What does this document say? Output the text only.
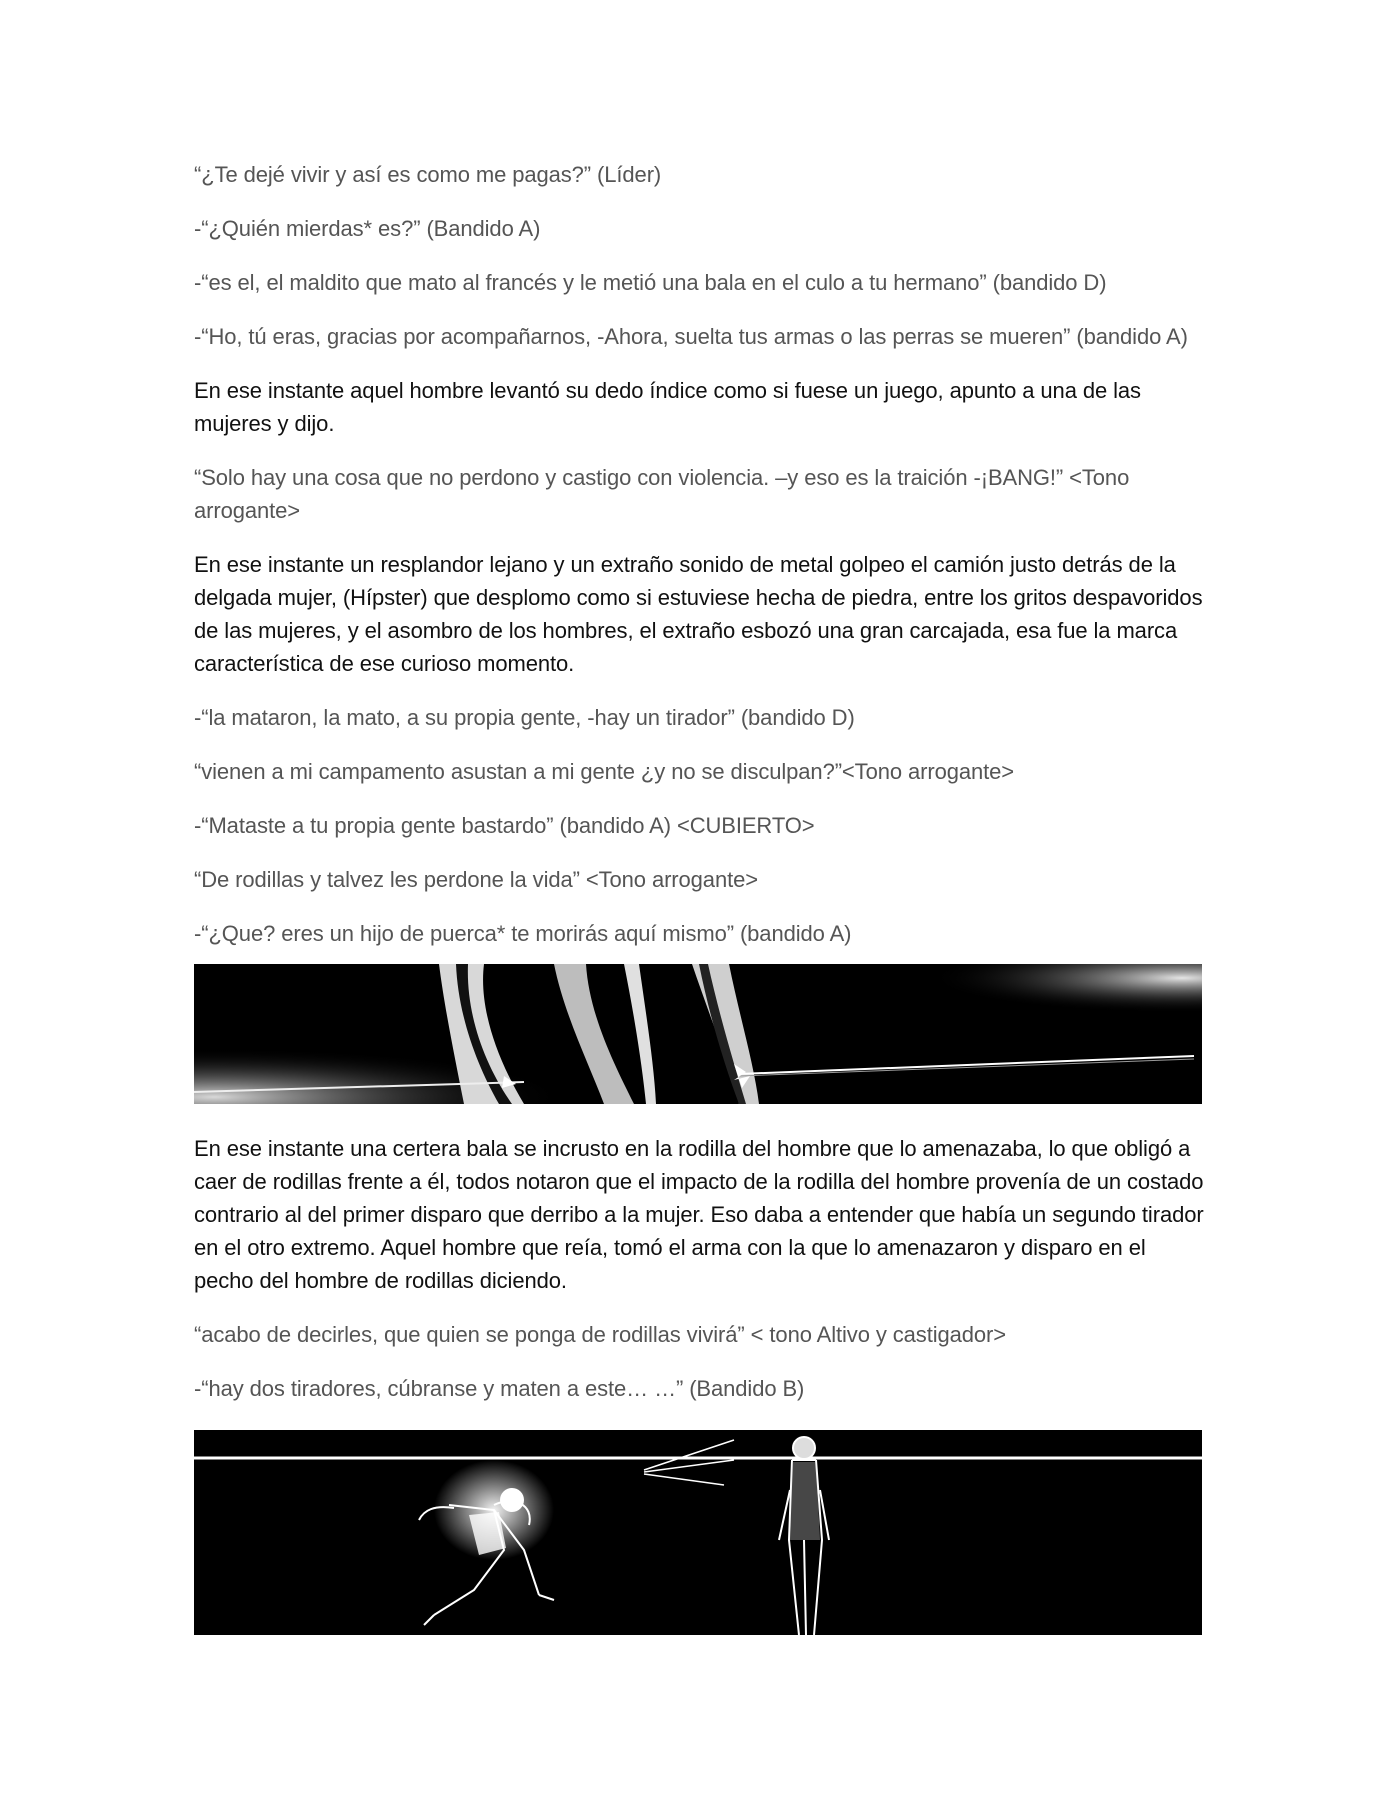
“¿Te dejé vivir y así es como me pagas?” (Líder)

-“¿Quién mierdas* es?” (Bandido A)

-“es el, el maldito que mato al francés y le metió una bala en el culo a tu hermano” (bandido D)

-“Ho, tú eras, gracias por acompañarnos, -Ahora, suelta tus armas o las perras se mueren” (bandido A)

En ese instante aquel hombre levantó su dedo índice como si fuese un juego, apunto a una de las mujeres y dijo.

“Solo hay una cosa que no perdono y castigo con violencia. –y eso es la traición -¡BANG!” <Tono arrogante>

En ese instante un resplandor lejano y un extraño sonido de metal golpeo el camión justo detrás de la delgada mujer, (Hípster) que desplomo como si estuviese hecha de piedra, entre los gritos despavoridos de las mujeres, y el asombro de los hombres, el extraño esbozó una gran carcajada, esa fue la marca característica de ese curioso momento.

-“la mataron, la mato, a su propia gente, -hay un tirador” (bandido D)

“vienen a mi campamento asustan a mi gente ¿y no se disculpan?”<Tono arrogante>

-“Mataste a tu propia gente bastardo” (bandido A) <CUBIERTO>

“De rodillas y talvez les perdone la vida” <Tono arrogante>

-“¿Que? eres un hijo de puerca* te morirás aquí mismo” (bandido A)

En ese instante una certera bala se incrusto en la rodilla del hombre que lo amenazaba, lo que obligó a caer de rodillas frente a él, todos notaron que el impacto de la rodilla del hombre provenía de un costado contrario al del primer disparo que derribo a la mujer. Eso daba a entender que había un segundo tirador en el otro extremo. Aquel hombre que reía, tomó el arma con la que lo amenazaron y disparo en el pecho del hombre de rodillas diciendo.

“acabo de decirles, que quien se ponga de rodillas vivirá” < tono Altivo y castigador>

-“hay dos tiradores, cúbranse y maten a este… …” (Bandido B)
